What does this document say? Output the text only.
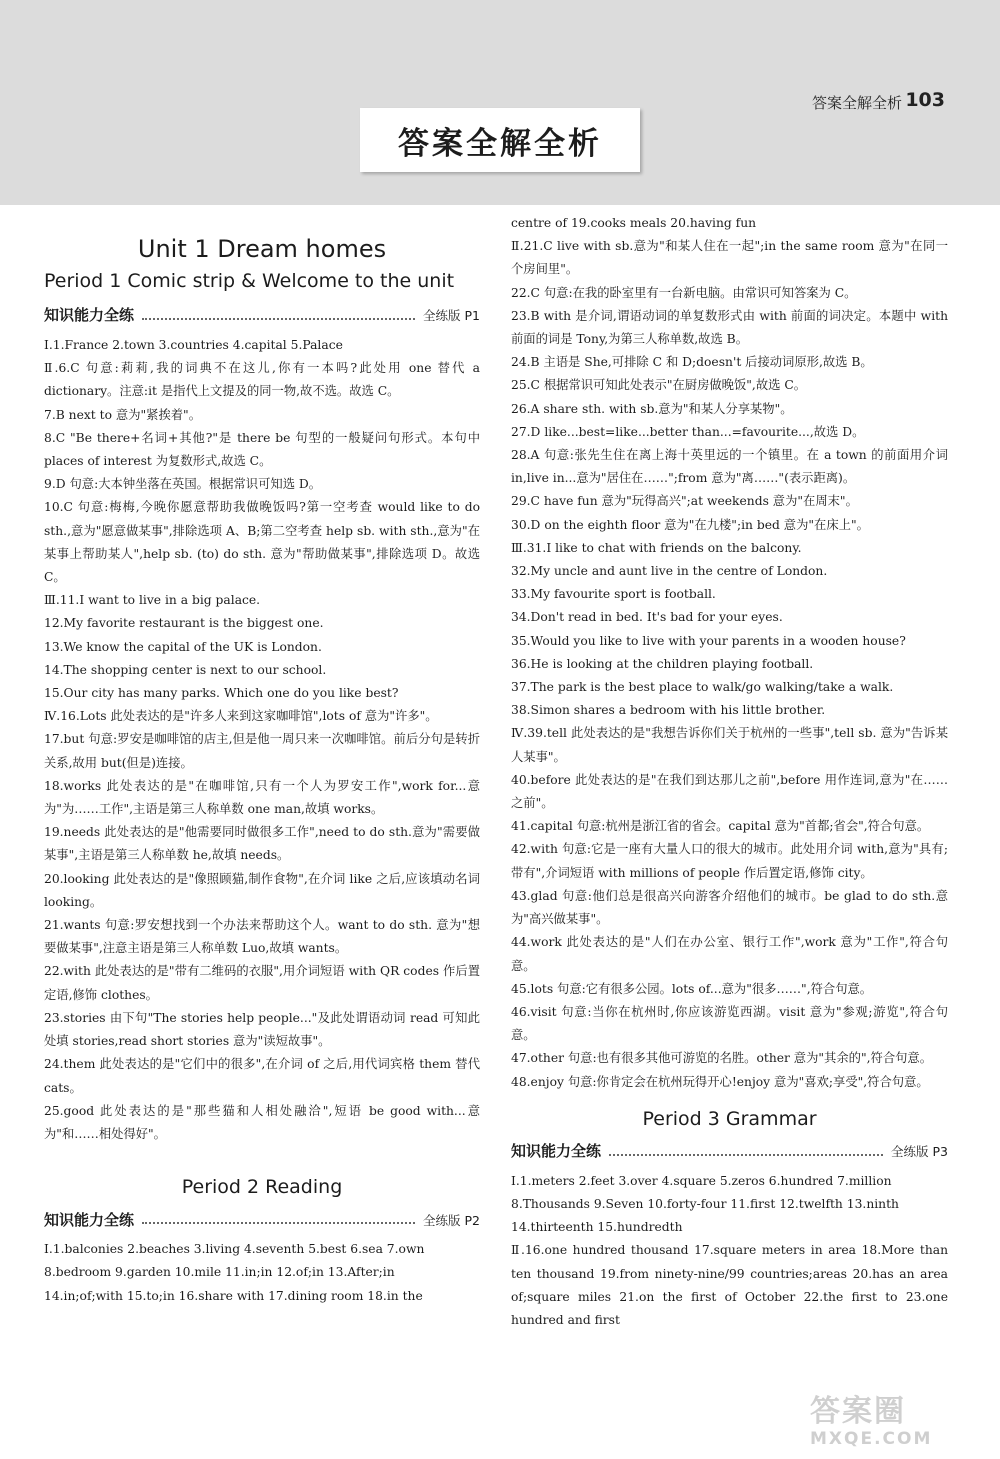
答案全解全析 103
答案全解全析
Unit 1 Dream homes
Period 1 Comic strip & Welcome to the unit
知识能力全练	全练版 P1

Ⅰ.1.France 2.town 3.countries 4.capital 5.Palace

Ⅱ.6.C 句意:莉莉,我的词典不在这儿,你有一本吗?此处用 one 替代 a dictionary。注意:it 是指代上文提及的同一物,故不选。故选 C。

7.B next to 意为"紧挨着"。

8.C "Be there+名词+其他?"是 there be 句型的一般疑问句形式。本句中 places of interest 为复数形式,故选 C。

9.D 句意:大本钟坐落在英国。根据常识可知选 D。

10.C 句意:梅梅,今晚你愿意帮助我做晚饭吗?第一空考查 would like to do sth.,意为"愿意做某事",排除选项 A、B;第二空考查 help sb. with sth.,意为"在某事上帮助某人",help sb. (to) do sth. 意为"帮助做某事",排除选项 D。故选 C。

Ⅲ.11.I want to live in a big palace.

12.My favorite restaurant is the biggest one.

13.We know the capital of the UK is London.

14.The shopping center is next to our school.

15.Our city has many parks. Which one do you like best?

Ⅳ.16.Lots 此处表达的是"许多人来到这家咖啡馆",lots of 意为"许多"。

17.but 句意:罗安是咖啡馆的店主,但是他一周只来一次咖啡馆。前后分句是转折关系,故用 but(但是)连接。

18.works 此处表达的是"在咖啡馆,只有一个人为罗安工作",work for...意为"为……工作",主语是第三人称单数 one man,故填 works。

19.needs 此处表达的是"他需要同时做很多工作",need to do sth.意为"需要做某事",主语是第三人称单数 he,故填 needs。

20.looking 此处表达的是"像照顾猫,制作食物",在介词 like 之后,应该填动名词 looking。

21.wants 句意:罗安想找到一个办法来帮助这个人。want to do sth. 意为"想要做某事",注意主语是第三人称单数 Luo,故填 wants。

22.with 此处表达的是"带有二维码的衣服",用介词短语 with QR codes 作后置定语,修饰 clothes。

23.stories 由下句"The stories help people..."及此处谓语动词 read 可知此处填 stories,read short stories 意为"读短故事"。

24.them 此处表达的是"它们中的很多",在介词 of 之后,用代词宾格 them 替代 cats。

25.good 此处表达的是"那些猫和人相处融洽",短语 be good with...意为"和……相处得好"。

Period 2 Reading
知识能力全练	全练版 P2

Ⅰ.1.balconies 2.beaches 3.living 4.seventh 5.best 6.sea 7.own

8.bedroom 9.garden 10.mile 11.in;in 12.of;in 13.After;in

14.in;of;with 15.to;in 16.share with 17.dining room 18.in the

centre of 19.cooks meals 20.having fun

Ⅱ.21.C live with sb.意为"和某人住在一起";in the same room 意为"在同一个房间里"。

22.C 句意:在我的卧室里有一台新电脑。由常识可知答案为 C。

23.B with 是介词,谓语动词的单复数形式由 with 前面的词决定。本题中 with 前面的词是 Tony,为第三人称单数,故选 B。

24.B 主语是 She,可排除 C 和 D;doesn't 后接动词原形,故选 B。

25.C 根据常识可知此处表示"在厨房做晚饭",故选 C。

26.A share sth. with sb.意为"和某人分享某物"。

27.D like...best=like...better than...=favourite...,故选 D。

28.A 句意:张先生住在离上海十英里远的一个镇里。在 a town 的前面用介词 in,live in...意为"居住在……";from 意为"离……"(表示距离)。

29.C have fun 意为"玩得高兴";at weekends 意为"在周末"。

30.D on the eighth floor 意为"在九楼";in bed 意为"在床上"。

Ⅲ.31.I like to chat with friends on the balcony.

32.My uncle and aunt live in the centre of London.

33.My favourite sport is football.

34.Don't read in bed. It's bad for your eyes.

35.Would you like to live with your parents in a wooden house?

36.He is looking at the children playing football.

37.The park is the best place to walk/go walking/take a walk.

38.Simon shares a bedroom with his little brother.

Ⅳ.39.tell 此处表达的是"我想告诉你们关于杭州的一些事",tell sb. 意为"告诉某人某事"。

40.before 此处表达的是"在我们到达那儿之前",before 用作连词,意为"在……之前"。

41.capital 句意:杭州是浙江省的省会。capital 意为"首都;省会",符合句意。

42.with 句意:它是一座有大量人口的很大的城市。此处用介词 with,意为"具有;带有",介词短语 with millions of people 作后置定语,修饰 city。

43.glad 句意:他们总是很高兴向游客介绍他们的城市。be glad to do sth.意为"高兴做某事"。

44.work 此处表达的是"人们在办公室、银行工作",work 意为"工作",符合句意。

45.lots 句意:它有很多公园。lots of...意为"很多……",符合句意。

46.visit 句意:当你在杭州时,你应该游览西湖。visit 意为"参观;游览",符合句意。

47.other 句意:也有很多其他可游览的名胜。other 意为"其余的",符合句意。

48.enjoy 句意:你肯定会在杭州玩得开心!enjoy 意为"喜欢;享受",符合句意。

Period 3 Grammar
知识能力全练	全练版 P3

Ⅰ.1.meters 2.feet 3.over 4.square 5.zeros 6.hundred 7.million

8.Thousands 9.Seven 10.forty-four 11.first 12.twelfth 13.ninth

14.thirteenth 15.hundredth

Ⅱ.16.one hundred thousand 17.square meters in area 18.More than ten thousand 19.from ninety-nine/99 countries;areas 20.has an area of;square miles 21.on the first of October 22.the first to 23.one hundred and first

答案圈
MXQE.COM
